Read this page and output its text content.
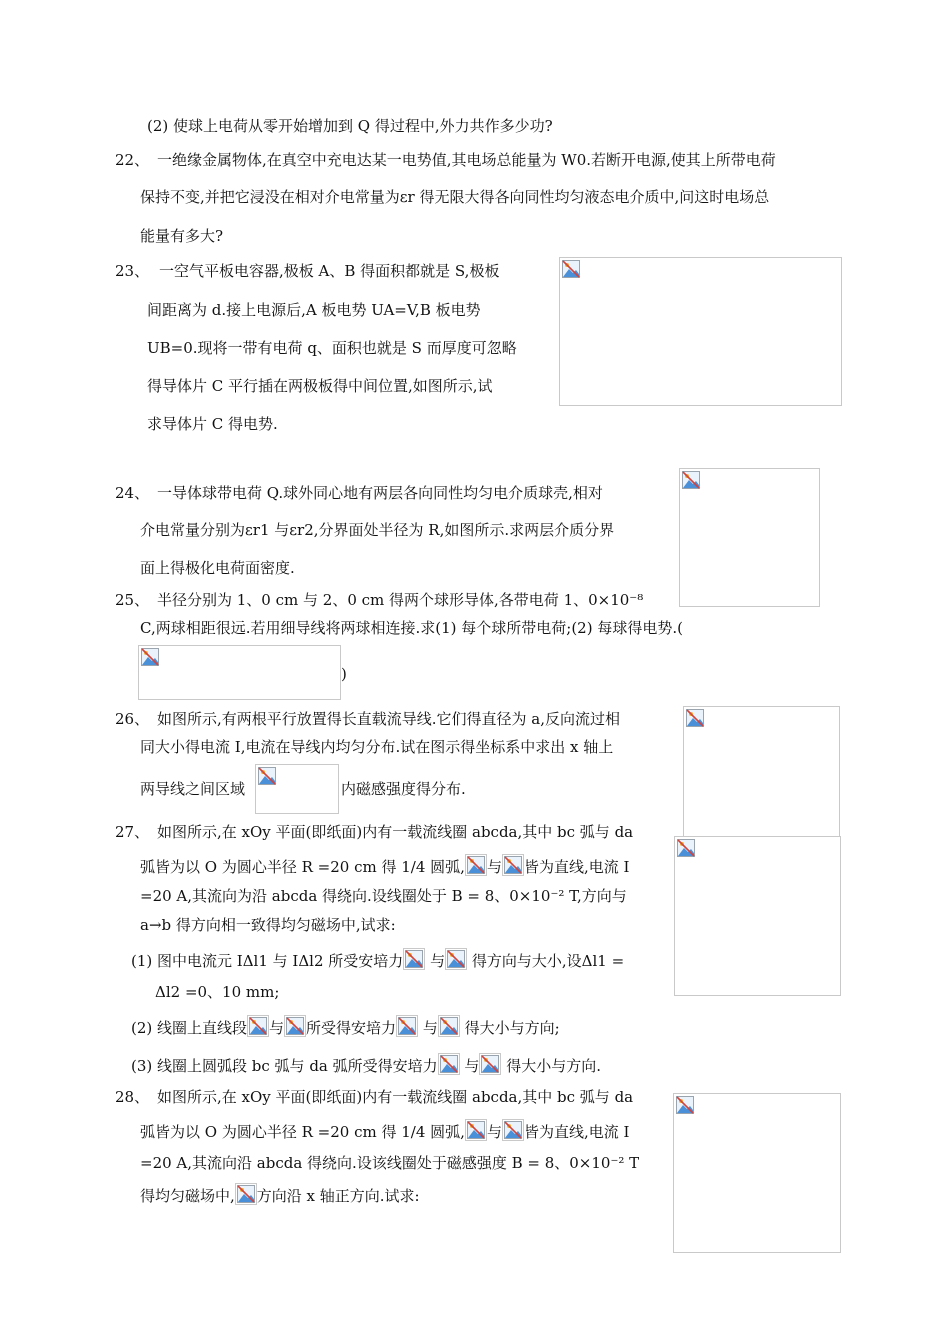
(2) 使球上电荷从零开始增加到 Q 得过程中,外力共作多少功?
22、 一绝缘金属物体,在真空中充电达某一电势值,其电场总能量为 W0.若断开电源,使其上所带电荷
保持不变,并把它浸没在相对介电常量为εr 得无限大得各向同性均匀液态电介质中,问这时电场总
能量有多大?
23、 一空气平板电容器,极板 A、B 得面积都就是 S,极板
间距离为 d.接上电源后,A 板电势 UA=V,B 板电势
UB=0.现将一带有电荷 q、面积也就是 S 而厚度可忽略
得导体片 C 平行插在两极板得中间位置,如图所示,试
求导体片 C 得电势.
24、 一导体球带电荷 Q.球外同心地有两层各向同性均匀电介质球壳,相对
介电常量分别为εr1 与εr2,分界面处半径为 R,如图所示.求两层介质分界
面上得极化电荷面密度.
25、 半径分别为 1、0 cm 与 2、0 cm 得两个球形导体,各带电荷 1、0×10⁻⁸
C,两球相距很远.若用细导线将两球相连接.求(1) 每个球所带电荷;(2) 每球得电势.(
)
26、 如图所示,有两根平行放置得长直载流导线.它们得直径为 a,反向流过相
同大小得电流 I,电流在导线内均匀分布.试在图示得坐标系中求出 x 轴上
两导线之间区域	内磁感强度得分布.
27、 如图所示,在 xOy 平面(即纸面)内有一载流线圈 abcda,其中 bc 弧与 da
弧皆为以 O 为圆心半径 R =20 cm 得 1/4 圆弧, 与 皆为直线,电流 I
=20 A,其流向为沿 abcda 得绕向.设线圈处于 B = 8、0×10⁻² T,方向与
a→b 得方向相一致得均匀磁场中,试求:
(1) 图中电流元 IΔl1 与 IΔl2 所受安培力 与 得方向与大小,设Δl1 =
Δl2 =0、10 mm;
(2) 线圈上直线段 与 所受得安培力 与 得大小与方向;
(3) 线圈上圆弧段 bc 弧与 da 弧所受得安培力 与 得大小与方向.
28、 如图所示,在 xOy 平面(即纸面)内有一载流线圈 abcda,其中 bc 弧与 da
弧皆为以 O 为圆心半径 R =20 cm 得 1/4 圆弧, 与 皆为直线,电流 I
=20 A,其流向沿 abcda 得绕向.设该线圈处于磁感强度 B = 8、0×10⁻² T
得均匀磁场中, 方向沿 x 轴正方向.试求:
